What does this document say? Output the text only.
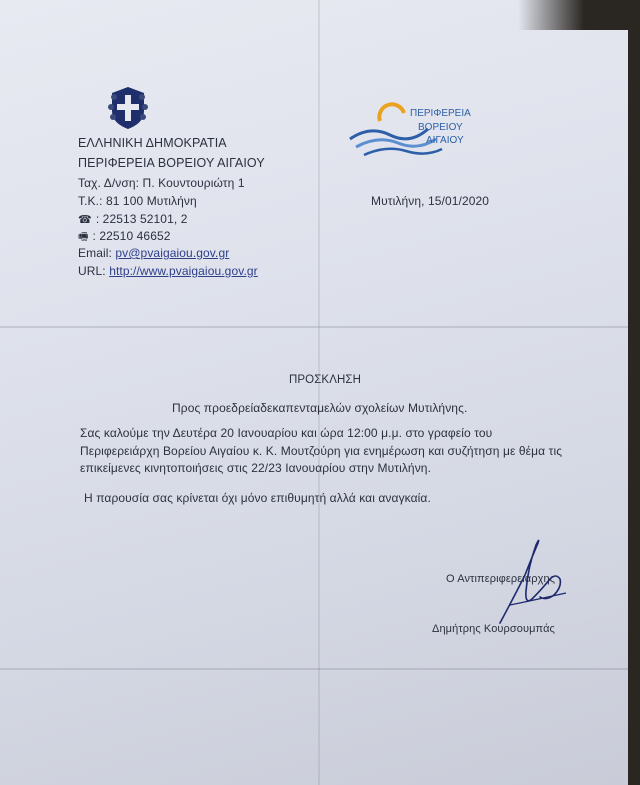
ΕΛΛΗΝΙΚΗ ΔΗΜΟΚΡΑΤΙΑ
ΠΕΡΙΦΕΡΕΙΑ ΒΟΡΕΙΟΥ ΑΙΓΑΙΟΥ
Ταχ. Δ/νση: Π. Κουντουριώτη 1
Τ.Κ.: 81 100 Μυτιλήνη
☎ : 22513 52101, 2
🖷 : 22510 46652
Email: pv@pvaigaiou.gov.gr
URL: http://www.pvaigaiou.gov.gr
ΠΕΡΙΦΕΡΕΙΑ
ΒΟΡΕΙΟΥ
ΑΙΓΑΙΟΥ
Μυτιλήνη, 15/01/2020
ΠΡΟΣΚΛΗΣΗ
Προς προεδρείαδεκαπενταμελών σχολείων Μυτιλήνης.
Σας καλούμε την Δευτέρα 20 Ιανουαρίου και ώρα 12:00 μ.μ. στο γραφείο του
Περιφερειάρχη Βορείου Αιγαίου κ. Κ. Μουτζούρη για ενημέρωση και συζήτηση με θέμα τις
επικείμενες κινητοποιήσεις στις 22/23 Ιανουαρίου στην Μυτιλήνη.
Η παρουσία σας κρίνεται όχι μόνο επιθυμητή αλλά και αναγκαία.
Ο Αντιπεριφερειάρχης
Δημήτρης Κουρσουμπάς
